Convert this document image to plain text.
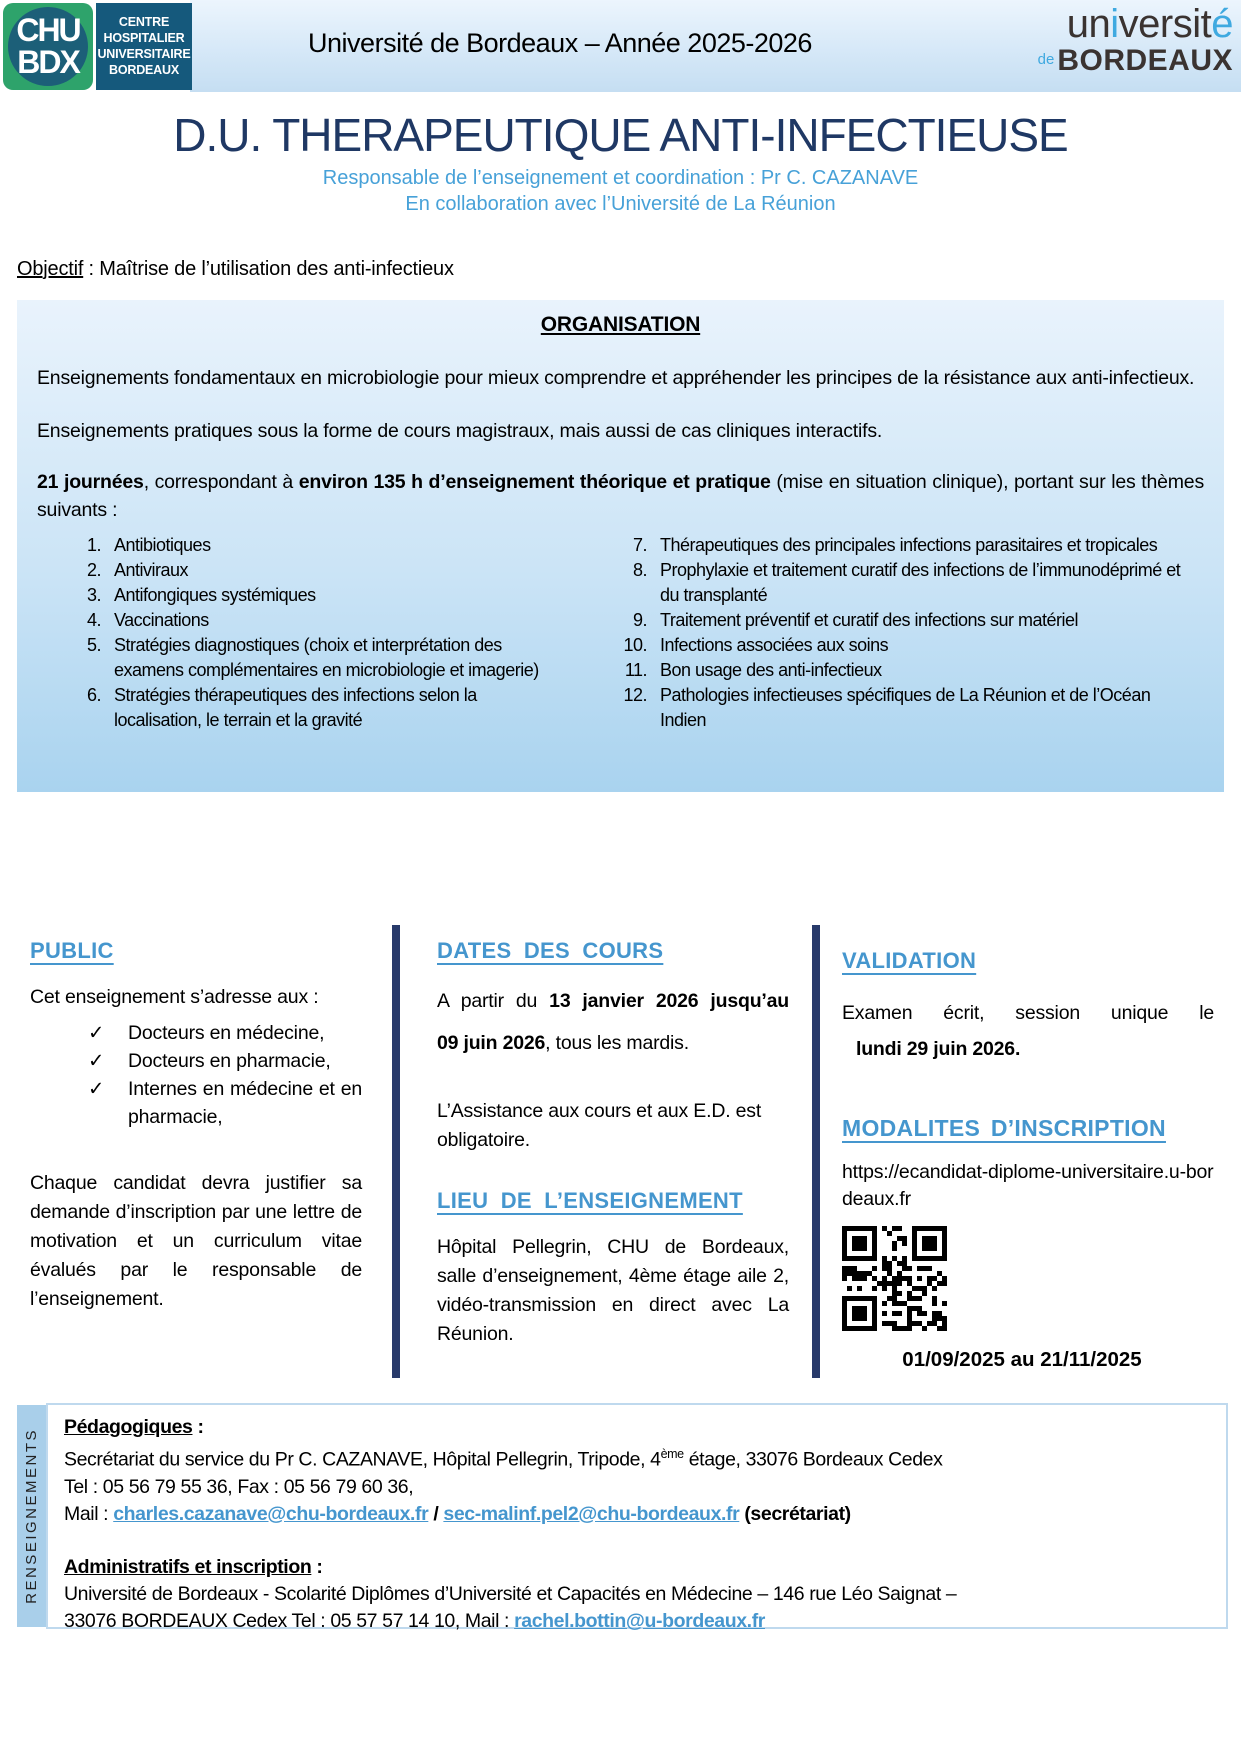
CHU
BDX
CENTRE
HOSPITALIER
UNIVERSITAIRE
BORDEAUX
Université de Bordeaux – Année 2025-2026	université
de BORDEAUX
D.U. THERAPEUTIQUE ANTI-INFECTIEUSE
Responsable de l’enseignement et coordination : Pr C. CAZANAVE
En collaboration avec l’Université de La Réunion
Objectif : Maîtrise de l’utilisation des anti-infectieux
ORGANISATION
Enseignements fondamentaux en microbiologie pour mieux comprendre et appréhender les principes de la résistance aux anti-infectieux.
Enseignements pratiques sous la forme de cours magistraux, mais aussi de cas cliniques interactifs.
21 journées, correspondant à environ 135 h d’enseignement théorique et pratique (mise en situation clinique), portant sur les thèmes suivants :
1. Antibiotiques
2. Antiviraux
3. Antifongiques systémiques
4. Vaccinations
5. Stratégies diagnostiques (choix et interprétation des examens complémentaires en microbiologie et imagerie)
6. Stratégies thérapeutiques des infections selon la localisation, le terrain et la gravité
7. Thérapeutiques des principales infections parasitaires et tropicales
8. Prophylaxie et traitement curatif des infections de l’immunodéprimé et du transplanté
9. Traitement préventif et curatif des infections sur matériel
10. Infections associées aux soins
11. Bon usage des anti-infectieux
12. Pathologies infectieuses spécifiques de La Réunion et de l’Océan Indien
PUBLIC
Cet enseignement s’adresse aux :
✓	Docteurs en médecine,
✓	Docteurs en pharmacie,
✓	Internes en médecine et en pharmacie,
Chaque candidat devra justifier sa demande d’inscription par une lettre de motivation et un curriculum vitae évalués par le responsable de l’enseignement.
DATES DES COURS
A partir du 13 janvier 2026 jusqu’au
09 juin 2026, tous les mardis.
L’Assistance aux cours et aux E.D. est obligatoire.
LIEU DE L’ENSEIGNEMENT
Hôpital Pellegrin, CHU de Bordeaux, salle d’enseignement, 4ème étage aile 2, vidéo-transmission en direct avec La Réunion.
VALIDATION
Examen écrit, session unique le
lundi 29 juin 2026.
MODALITES D’INSCRIPTION
https://ecandidat-diplome-universitaire.u-bordeaux.fr
01/09/2025 au 21/11/2025
RENSEIGNEMENTS
Pédagogiques :
Secrétariat du service du Pr C. CAZANAVE, Hôpital Pellegrin, Tripode, 4ème étage, 33076 Bordeaux Cedex
Tel : 05 56 79 55 36, Fax : 05 56 79 60 36,
Mail : charles.cazanave@chu-bordeaux.fr / sec-malinf.pel2@chu-bordeaux.fr (secrétariat)
Administratifs et inscription :
Université de Bordeaux - Scolarité Diplômes d’Université et Capacités en Médecine – 146 rue Léo Saignat –
33076 BORDEAUX Cedex Tel : 05 57 57 14 10, Mail : rachel.bottin@u-bordeaux.fr
